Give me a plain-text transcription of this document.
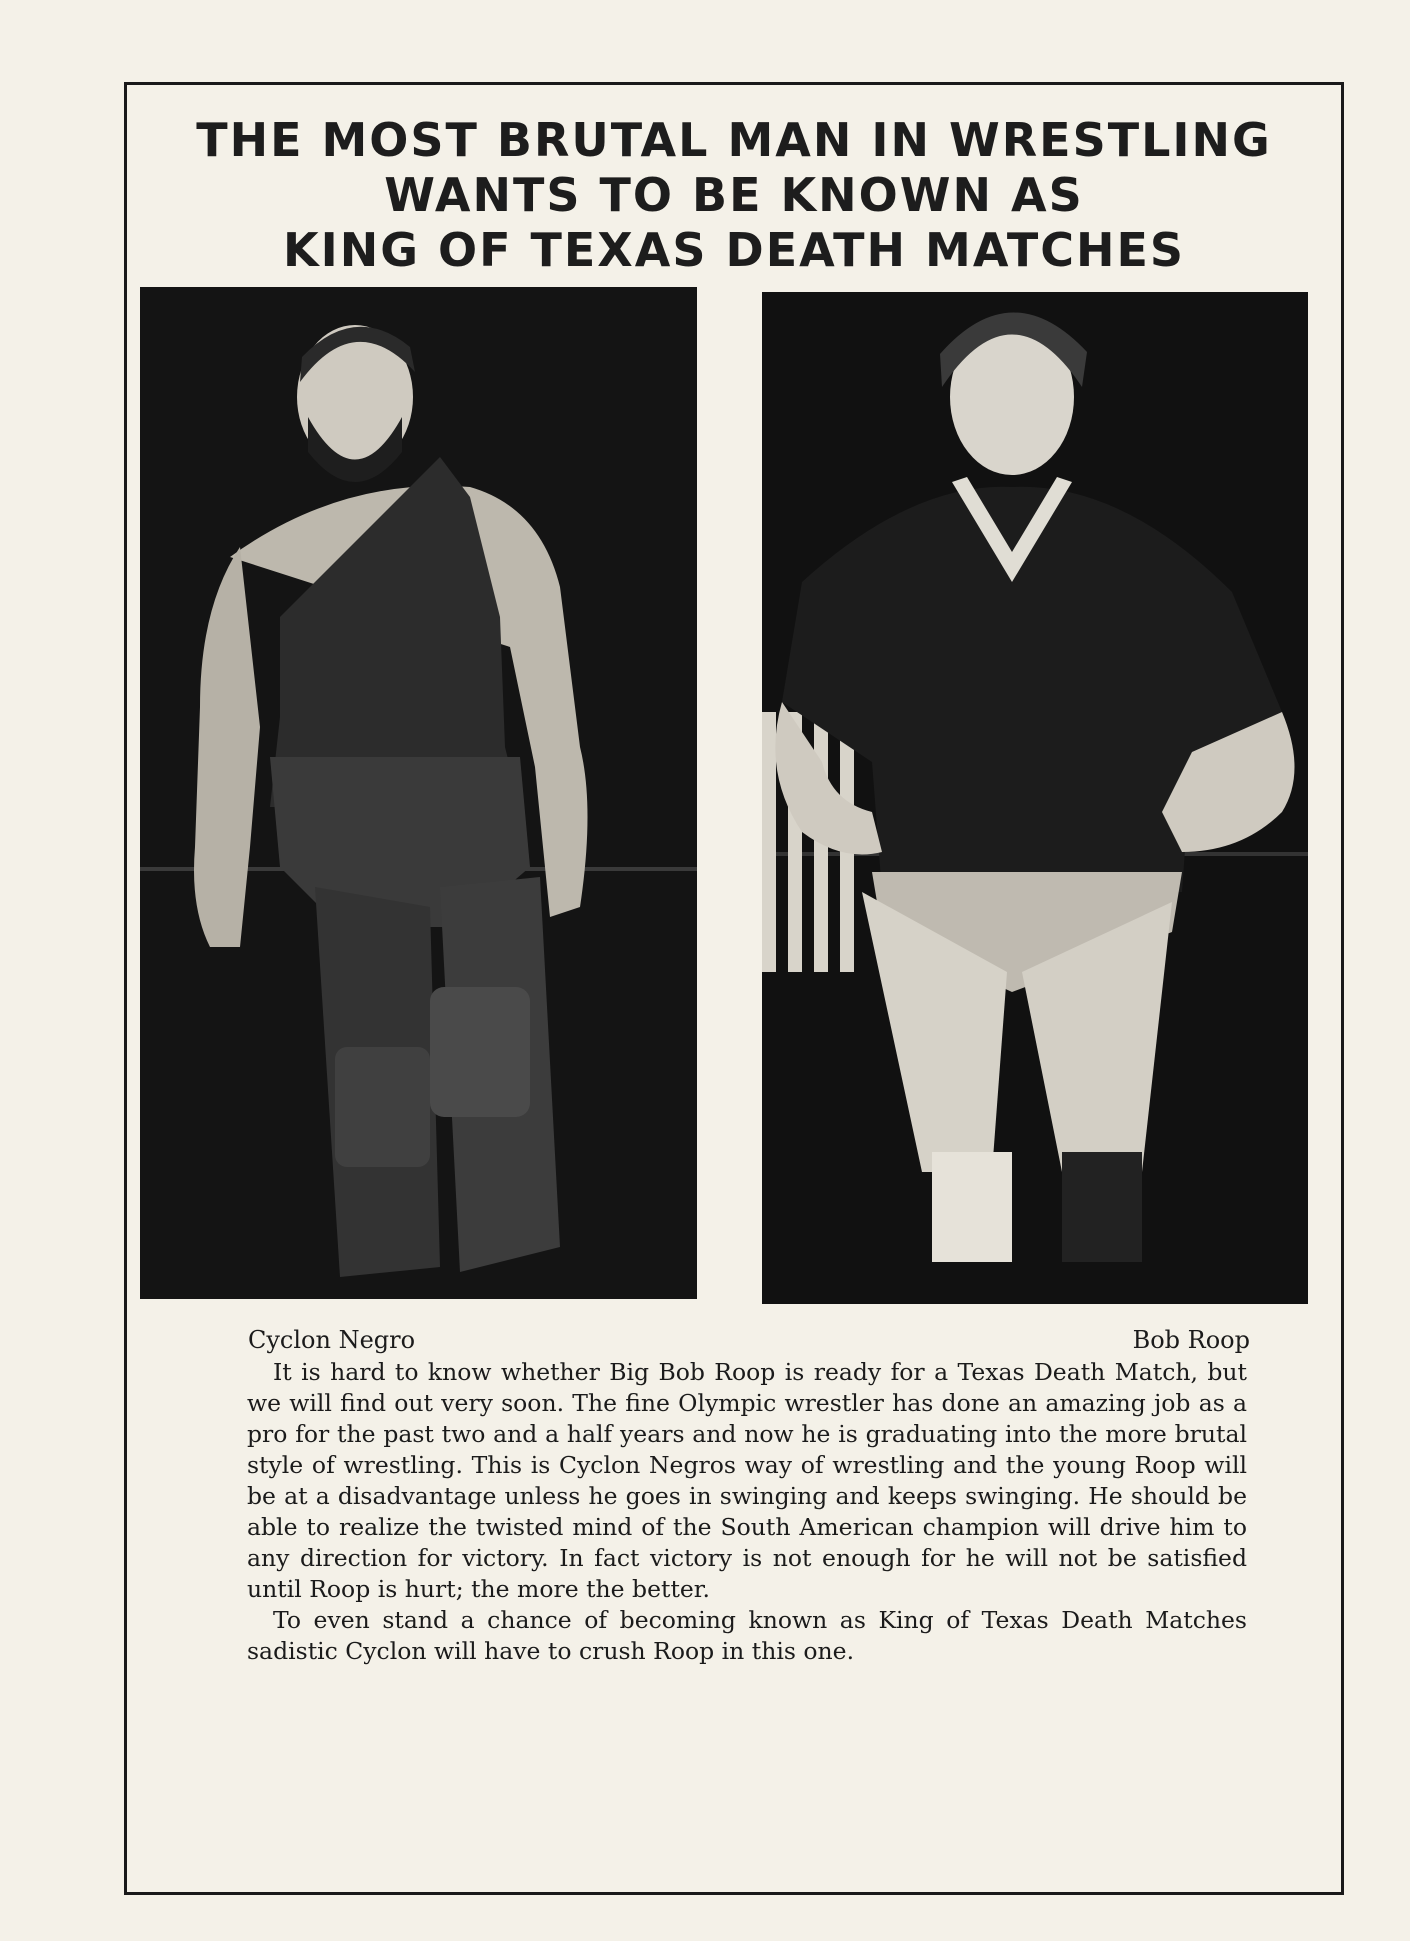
THE MOST BRUTAL MAN IN WRESTLING
WANTS TO BE KNOWN AS
KING OF TEXAS DEATH MATCHES
Cyclon Negro	Bob Roop

It is hard to know whether Big Bob Roop is ready for a Texas Death Match, but we will find out very soon. The fine Olympic wrestler has done an amazing job as a pro for the past two and a half years and now he is graduating into the more brutal style of wrestling. This is Cyclon Negros way of wrestling and the young Roop will be at a disadvantage unless he goes in swinging and keeps swinging. He should be able to realize the twisted mind of the South American champion will drive him to any direction for victory. In fact victory is not enough for he will not be satisfied until Roop is hurt; the more the better.

To even stand a chance of becoming known as King of Texas Death Matches sadistic Cyclon will have to crush Roop in this one.
